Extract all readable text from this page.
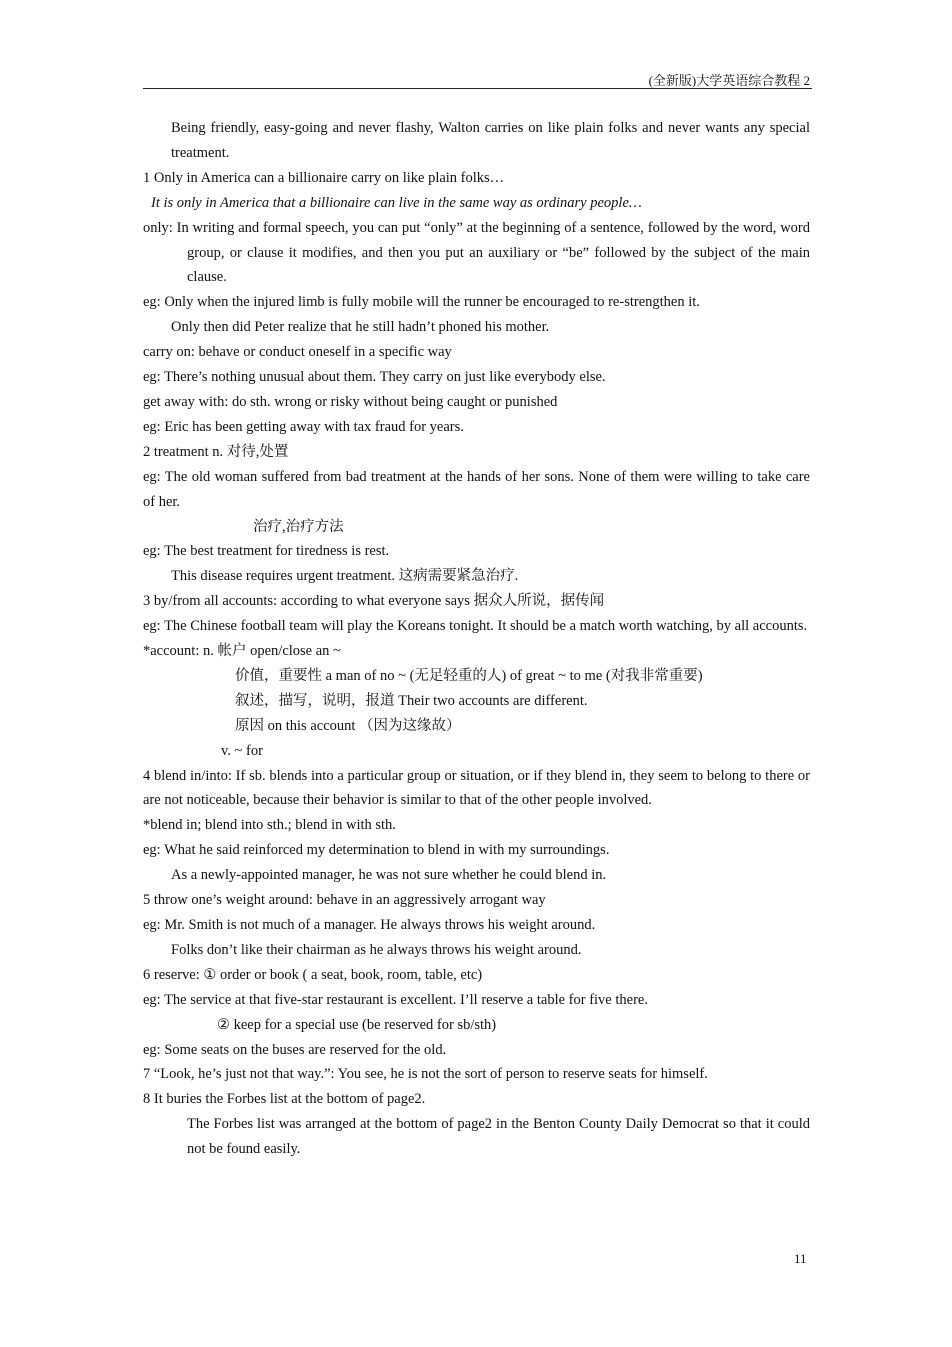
(全新版)大学英语综合教程 2

Being friendly, easy-going and never flashy, Walton carries on like plain folks and never wants any special treatment.

1 Only in America can a billionaire carry on like plain folks…

It is only in America that a billionaire can live in the same way as ordinary people…

only: In writing and formal speech, you can put “only” at the beginning of a sentence, followed by the word, word group, or clause it modifies, and then you put an auxiliary or “be” followed by the subject of the main clause.

eg: Only when the injured limb is fully mobile will the runner be encouraged to re-strengthen it.

Only then did Peter realize that he still hadn’t phoned his mother.

carry on: behave or conduct oneself in a specific way

eg: There’s nothing unusual about them. They carry on just like everybody else.

get away with: do sth. wrong or risky without being caught or punished

eg: Eric has been getting away with tax fraud for years.

2 treatment n. 对待,处置

eg: The old woman suffered from bad treatment at the hands of her sons. None of them were willing to take care of her.

治疗,治疗方法

eg: The best treatment for tiredness is rest.

This disease requires urgent treatment. 这病需要紧急治疗.

3 by/from all accounts: according to what everyone says 据众人所说，据传闻

eg: The Chinese football team will play the Koreans tonight. It should be a match worth watching, by all accounts.

*account: n. 帐户 open/close an ~

价值，重要性 a man of no ~ (无足轻重的人) of great ~ to me (对我非常重要)

叙述，描写，说明，报道 Their two accounts are different.

原因 on this account （因为这缘故）

v. ~ for

4 blend in/into: If sb. blends into a particular group or situation, or if they blend in, they seem to belong to there or are not noticeable, because their behavior is similar to that of the other people involved.

*blend in; blend into sth.; blend in with sth.

eg: What he said reinforced my determination to blend in with my surroundings.

As a newly-appointed manager, he was not sure whether he could blend in.

5 throw one’s weight around: behave in an aggressively arrogant way

eg: Mr. Smith is not much of a manager. He always throws his weight around.

Folks don’t like their chairman as he always throws his weight around.

6 reserve: ① order or book ( a seat, book, room, table, etc)

eg: The service at that five-star restaurant is excellent. I’ll reserve a table for five there.

② keep for a special use (be reserved for sb/sth)

eg: Some seats on the buses are reserved for the old.

7 “Look, he’s just not that way.”: You see, he is not the sort of person to reserve seats for himself.

8 It buries the Forbes list at the bottom of page2.

The Forbes list was arranged at the bottom of page2 in the Benton County Daily Democrat so that it could not be found easily.

11
